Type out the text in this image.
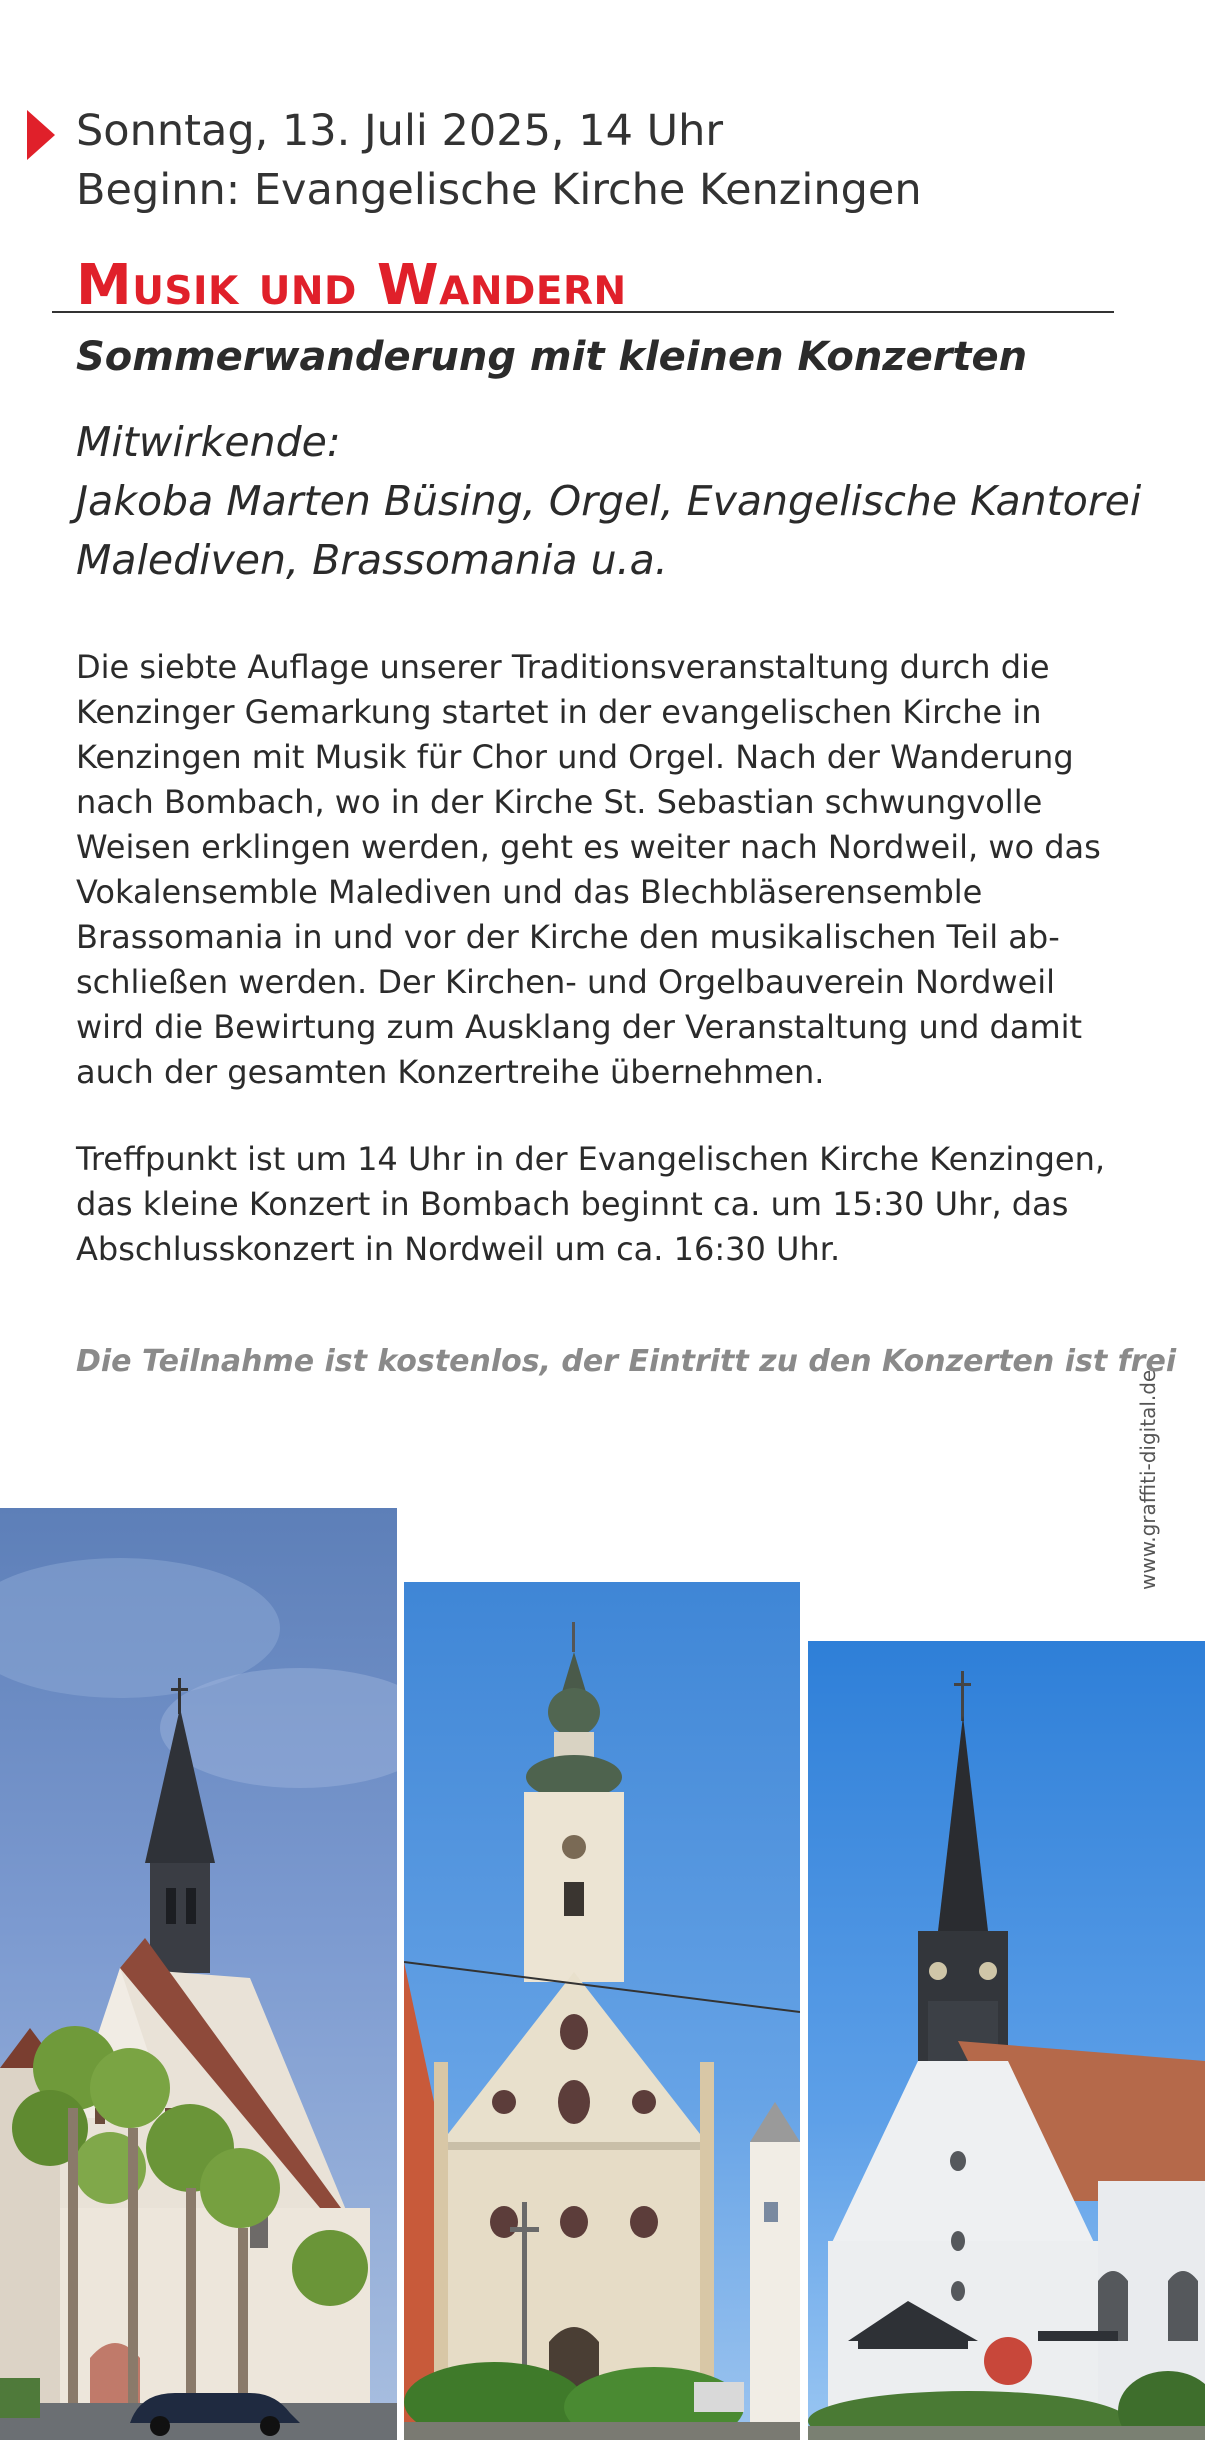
Sonntag, 13. Juli 2025, 14 Uhr
Beginn: Evangelische Kirche Kenzingen
Musik und Wandern
Sommerwanderung mit kleinen Konzerten
Mitwirkende:
Jakoba Marten Büsing, Orgel, Evangelische Kantorei
Malediven, Brassomania u.a.
Die siebte Auflage unserer Traditionsveranstaltung durch die
Kenzinger Gemarkung startet in der evangelischen Kirche in
Kenzingen mit Musik für Chor und Orgel. Nach der Wanderung
nach Bombach, wo in der Kirche St. Sebastian schwungvolle
Weisen erklingen werden, geht es weiter nach Nordweil, wo das
Vokalensemble Malediven und das Blechbläserensemble
Brassomania in und vor der Kirche den musikalischen Teil ab-
schließen werden. Der Kirchen- und Orgelbauverein Nordweil
wird die Bewirtung zum Ausklang der Veranstaltung und damit
auch der gesamten Konzertreihe übernehmen.
Treffpunkt ist um 14 Uhr in der Evangelischen Kirche Kenzingen,
das kleine Konzert in Bombach beginnt ca. um 15:30 Uhr, das
Abschlusskonzert in Nordweil um ca. 16:30 Uhr.
Die Teilnahme ist kostenlos, der Eintritt zu den Konzerten ist frei
www.graffiti-digital.de
